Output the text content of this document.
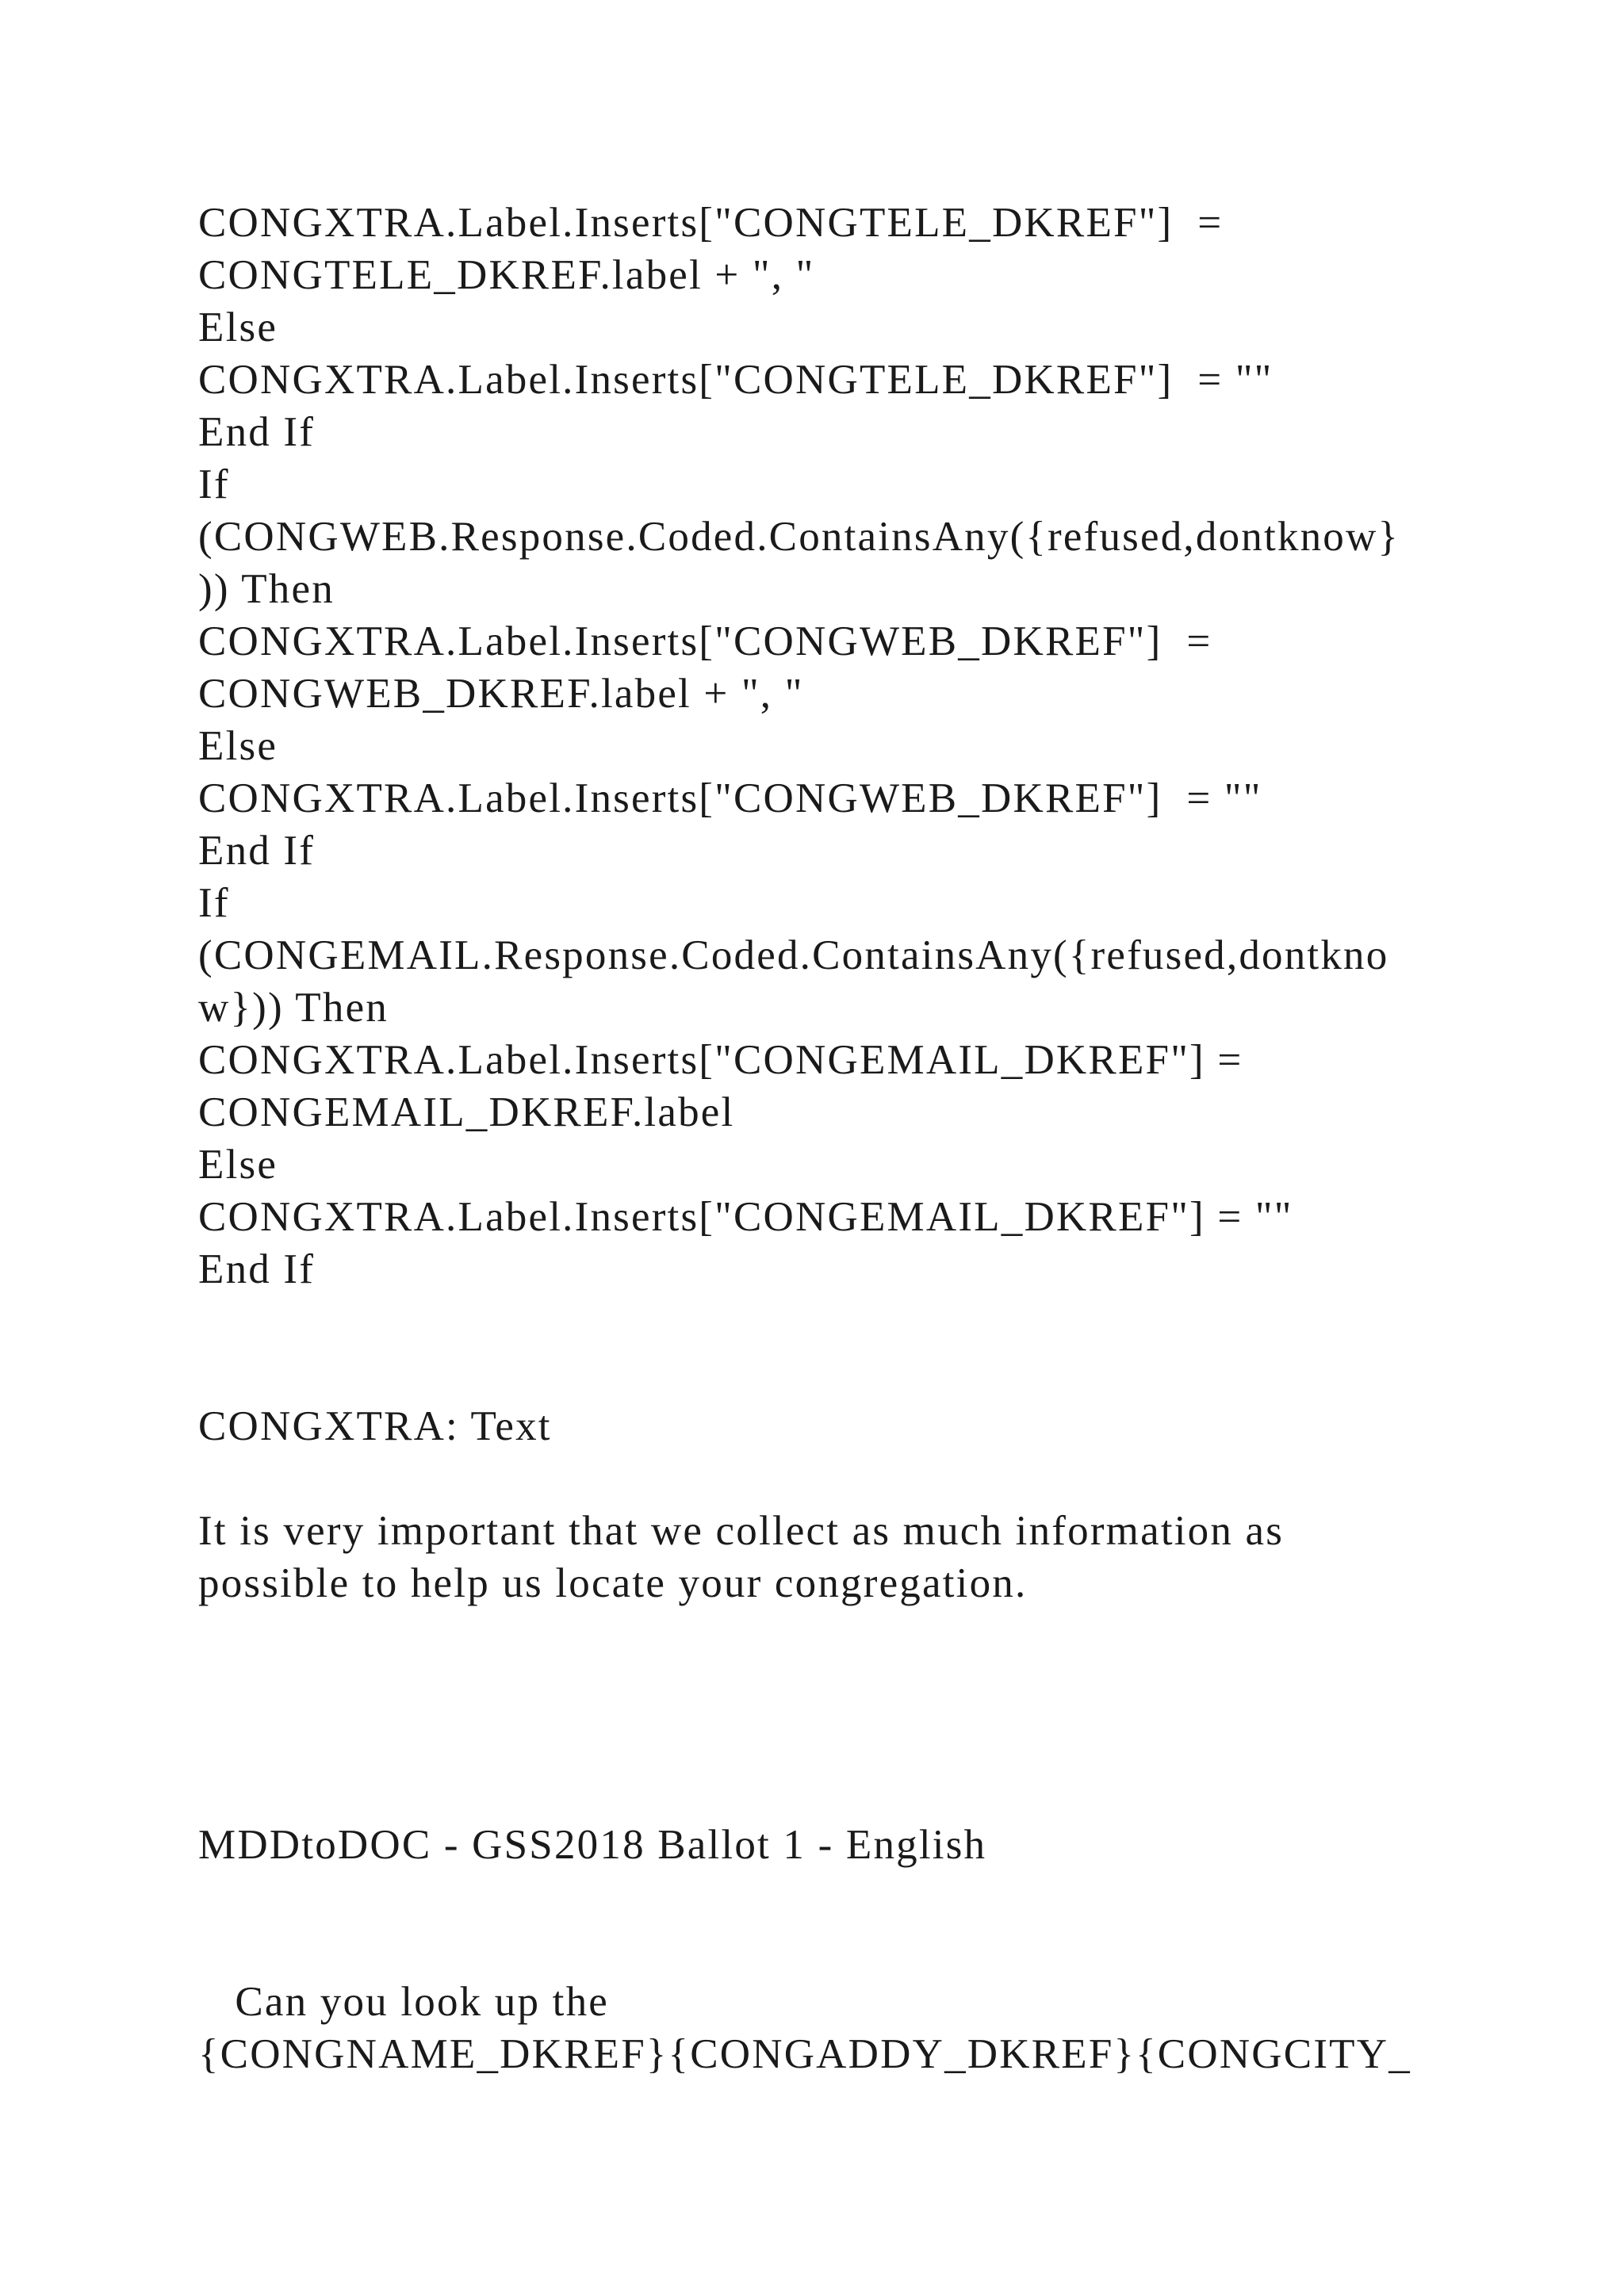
CONGXTRA.Label.Inserts["CONGTELE_DKREF"]  =
CONGTELE_DKREF.label + ", "
Else
CONGXTRA.Label.Inserts["CONGTELE_DKREF"]  = ""
End If
If
(CONGWEB.Response.Coded.ContainsAny({refused,dontknow}
)) Then
CONGXTRA.Label.Inserts["CONGWEB_DKREF"]  =
CONGWEB_DKREF.label + ", "
Else
CONGXTRA.Label.Inserts["CONGWEB_DKREF"]  = ""
End If
If
(CONGEMAIL.Response.Coded.ContainsAny({refused,dontkno
w})) Then
CONGXTRA.Label.Inserts["CONGEMAIL_DKREF"] =
CONGEMAIL_DKREF.label
Else
CONGXTRA.Label.Inserts["CONGEMAIL_DKREF"] = ""
End If
CONGXTRA: Text
It is very important that we collect as much information as
possible to help us locate your congregation.
MDDtoDOC - GSS2018 Ballot 1 - English
Can you look up the
{CONGNAME_DKREF}{CONGADDY_DKREF}{CONGCITY_
